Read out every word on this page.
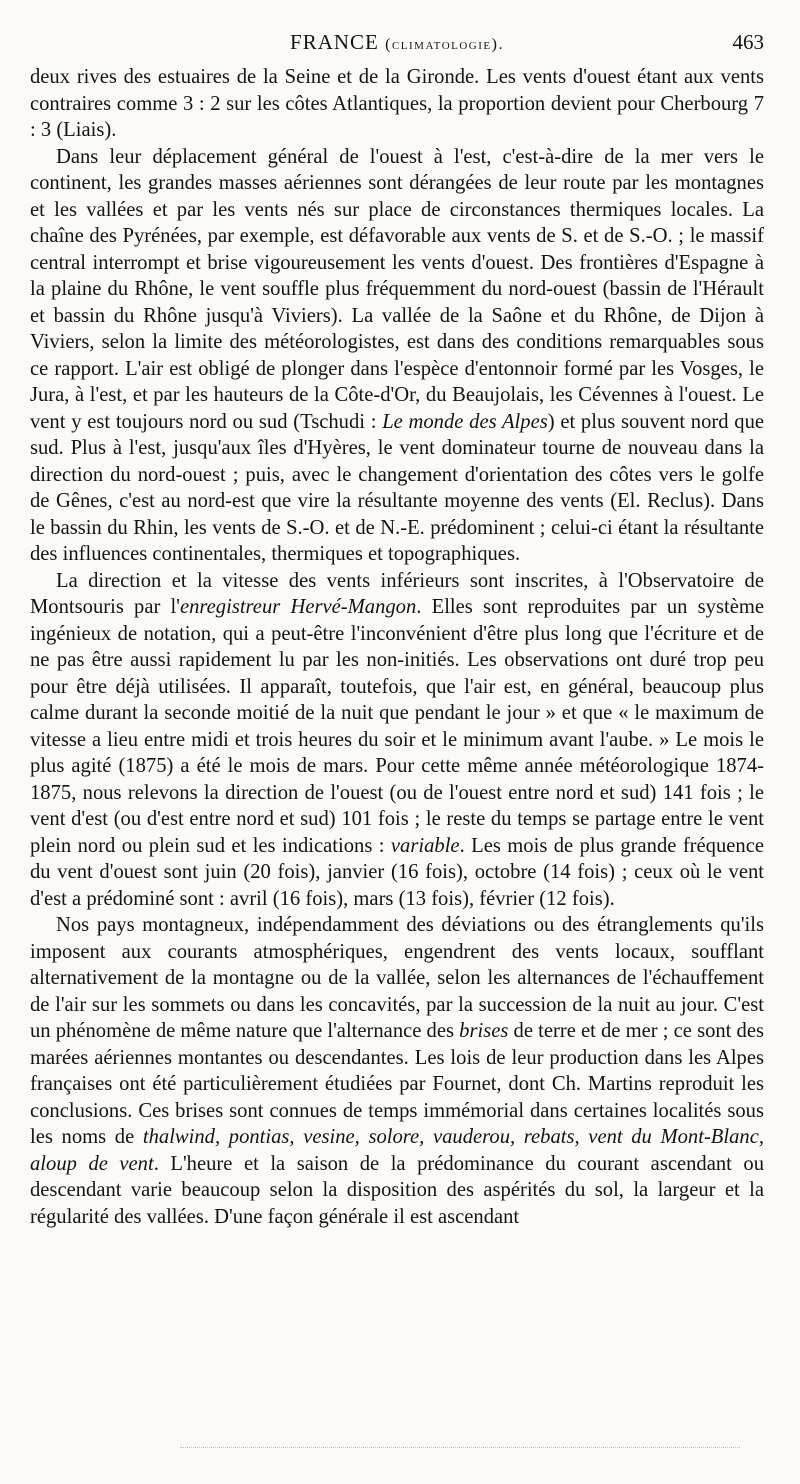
FRANCE (climatologie).	463

deux rives des estuaires de la Seine et de la Gironde. Les vents d'ouest étant aux vents contraires comme 3 : 2 sur les côtes Atlantiques, la proportion devient pour Cherbourg 7 : 3 (Liais).

Dans leur déplacement général de l'ouest à l'est, c'est-à-dire de la mer vers le continent, les grandes masses aériennes sont dérangées de leur route par les montagnes et les vallées et par les vents nés sur place de circonstances thermiques locales. La chaîne des Pyrénées, par exemple, est défavorable aux vents de S. et de S.-O. ; le massif central interrompt et brise vigoureusement les vents d'ouest. Des frontières d'Espagne à la plaine du Rhône, le vent souffle plus fréquemment du nord-ouest (bassin de l'Hérault et bassin du Rhône jusqu'à Viviers). La vallée de la Saône et du Rhône, de Dijon à Viviers, selon la limite des météorologistes, est dans des conditions remarquables sous ce rapport. L'air est obligé de plonger dans l'espèce d'entonnoir formé par les Vosges, le Jura, à l'est, et par les hauteurs de la Côte-d'Or, du Beaujolais, les Cévennes à l'ouest. Le vent y est toujours nord ou sud (Tschudi : Le monde des Alpes) et plus souvent nord que sud. Plus à l'est, jusqu'aux îles d'Hyères, le vent dominateur tourne de nouveau dans la direction du nord-ouest ; puis, avec le changement d'orientation des côtes vers le golfe de Gênes, c'est au nord-est que vire la résultante moyenne des vents (El. Reclus). Dans le bassin du Rhin, les vents de S.-O. et de N.-E. prédominent ; celui-ci étant la résultante des influences continentales, thermiques et topographiques.

La direction et la vitesse des vents inférieurs sont inscrites, à l'Observatoire de Montsouris par l'enregistreur Hervé-Mangon. Elles sont reproduites par un système ingénieux de notation, qui a peut-être l'inconvénient d'être plus long que l'écriture et de ne pas être aussi rapidement lu par les non-initiés. Les observations ont duré trop peu pour être déjà utilisées. Il apparaît, toutefois, que l'air est, en général, beaucoup plus calme durant la seconde moitié de la nuit que pendant le jour » et que « le maximum de vitesse a lieu entre midi et trois heures du soir et le minimum avant l'aube. » Le mois le plus agité (1875) a été le mois de mars. Pour cette même année météorologique 1874-1875, nous relevons la direction de l'ouest (ou de l'ouest entre nord et sud) 141 fois ; le vent d'est (ou d'est entre nord et sud) 101 fois ; le reste du temps se partage entre le vent plein nord ou plein sud et les indications : variable. Les mois de plus grande fréquence du vent d'ouest sont juin (20 fois), janvier (16 fois), octobre (14 fois) ; ceux où le vent d'est a prédominé sont : avril (16 fois), mars (13 fois), février (12 fois).

Nos pays montagneux, indépendamment des déviations ou des étranglements qu'ils imposent aux courants atmosphériques, engendrent des vents locaux, soufflant alternativement de la montagne ou de la vallée, selon les alternances de l'échauffement de l'air sur les sommets ou dans les concavités, par la succession de la nuit au jour. C'est un phénomène de même nature que l'alternance des brises de terre et de mer ; ce sont des marées aériennes montantes ou descendantes. Les lois de leur production dans les Alpes françaises ont été particulièrement étudiées par Fournet, dont Ch. Martins reproduit les conclusions. Ces brises sont connues de temps immémorial dans certaines localités sous les noms de thalwind, pontias, vesine, solore, vauderou, rebats, vent du Mont-Blanc, aloup de vent. L'heure et la saison de la prédominance du courant ascendant ou descendant varie beaucoup selon la disposition des aspérités du sol, la largeur et la régularité des vallées. D'une façon générale il est ascendant
